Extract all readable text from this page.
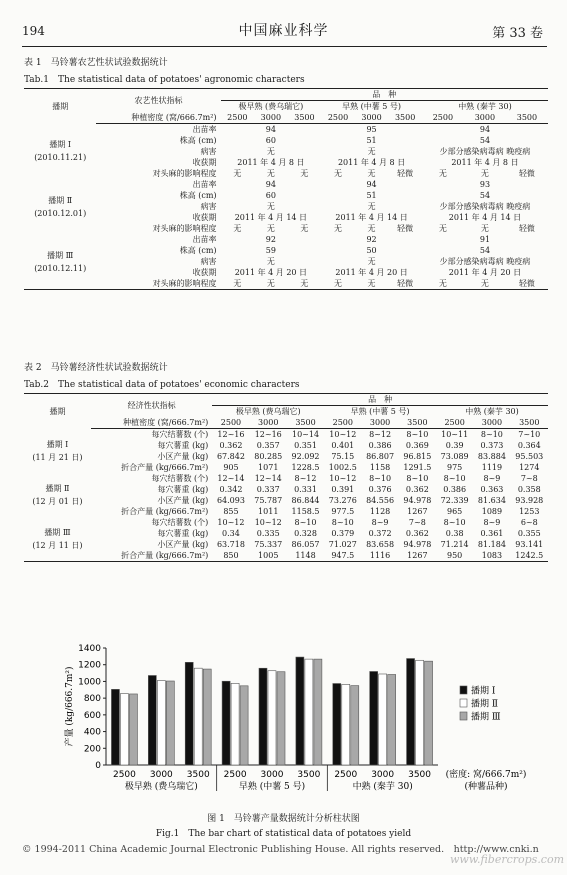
194	中国麻业科学	第 33 卷
表 1　马铃薯农艺性状试验数据统计
Tab.1　The statistical data of potatoes' agronomic characters
播期	农艺性状指标	品　种								
		极早熟 (费乌瑞它)			早熟 (中薯 5 号)			中熟 (秦芋 30)		
	种植密度 (窝/666.7m²)	2500	3000	3500	2500	3000	3500	2500	3000	3500

播期 Ⅰ
(2010.11.21)	出苗率	94			95			94		
	株高 (cm)	60			51			54		
	病害	无			无			少部分感染病毒病 晚疫病		
	收获期	2011 年 4 月 8 日			2011 年 4 月 8 日			2011 年 4 月 8 日		
	对头麻的影响程度	无	无	无	无	无	轻微	无	无	轻微

播期 Ⅱ
(2010.12.01)	出苗率	94			94			93		
	株高 (cm)	60			51			54		
	病害	无			无			少部分感染病毒病 晚疫病		
	收获期	2011 年 4 月 14 日			2011 年 4 月 14 日			2011 年 4 月 14 日		
	对头麻的影响程度	无	无	无	无	无	轻微	无	无	轻微

播期 Ⅲ
(2010.12.11)	出苗率	92			92			91		
	株高 (cm)	59			50			54		
	病害	无			无			少部分感染病毒病 晚疫病		
	收获期	2011 年 4 月 20 日			2011 年 4 月 20 日			2011 年 4 月 20 日		
	对头麻的影响程度	无	无	无	无	无	轻微	无	无	轻微
表 2　马铃薯经济性状试验数据统计
Tab.2　The statistical data of potatoes' economic characters
播期	经济性状指标	品　种								
		极早熟 (费乌瑞它)			早熟 (中薯 5 号)			中熟 (秦芋 30)		
	种植密度 (窝/666.7m²)	2500	3000	3500	2500	3000	3500	2500	3000	3500

播期 Ⅰ
(11 月 21 日)	每穴结薯数 (个)	12~16	12~16	10~14	10~12	8~12	8~10	10~11	8~10	7~10
	每穴薯重 (kg)	0.362	0.357	0.351	0.401	0.386	0.369	0.39	0.373	0.364
	小区产量 (kg)	67.842	80.285	92.092	75.15	86.807	96.815	73.089	83.884	95.503
	折合产量 (kg/666.7m²)	905	1071	1228.5	1002.5	1158	1291.5	975	1119	1274

播期 Ⅱ
(12 月 01 日)	每穴结薯数 (个)	12~14	12~14	8~12	10~12	8~10	8~10	8~10	8~9	7~8
	每穴薯重 (kg)	0.342	0.337	0.331	0.391	0.376	0.362	0.386	0.363	0.358
	小区产量 (kg)	64.093	75.787	86.844	73.276	84.556	94.978	72.339	81.634	93.928
	折合产量 (kg/666.7m²)	855	1011	1158.5	977.5	1128	1267	965	1089	1253

播期 Ⅲ
(12 月 11 日)	每穴结薯数 (个)	10~12	10~12	8~10	8~10	8~9	7~8	8~10	8~9	6~8
	每穴薯重 (kg)	0.34	0.335	0.328	0.379	0.372	0.362	0.38	0.361	0.355
	小区产量 (kg)	63.718	75.337	86.057	71.027	83.658	94.978	71.214	81.184	93.141
	折合产量 (kg/666.7m²)	850	1005	1148	947.5	1116	1267	950	1083	1242.5
0
200
400
600
800
1000
1200
1400
产量 (kg/666.7m²)
2500 3000 3500 2500 3000 3500 2500 3000 3500
极早熟 (费乌瑞它)	早熟 (中薯 5 号)	中熟 (秦芋 30)
(密度: 窝/666.7m²)
(种薯品种)
播期 Ⅰ
播期 Ⅱ
播期 Ⅲ
图 1　马铃薯产量数据统计分析柱状图
Fig.1　The bar chart of statistical data of potatoes yield
© 1994-2011 China Academic Journal Electronic Publishing House. All rights reserved.　http://www.cnki.n
www.fibercrops.com
